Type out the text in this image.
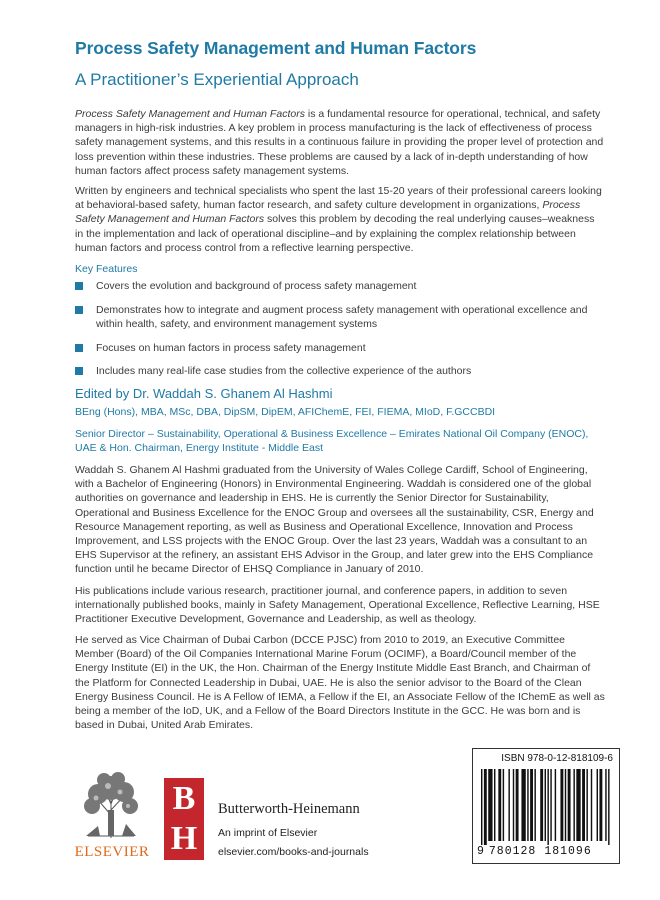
Process Safety Management and Human Factors
A Practitioner’s Experiential Approach

Process Safety Management and Human Factors is a fundamental resource for operational, technical, and safety managers in high-risk industries. A key problem in process manufacturing is the lack of effectiveness of process safety management systems, and this results in a continuous failure in providing the proper level of protection and loss prevention within these industries. These problems are caused by a lack of in-depth understanding of how human factors affect process safety management systems.

Written by engineers and technical specialists who spent the last 15-20 years of their professional careers looking at behavioral-based safety, human factor research, and safety culture development in organizations, Process Safety Management and Human Factors solves this problem by decoding the real underlying causes–weakness in the implementation and lack of operational discipline–and by explaining the complex relationship between human factors and process control from a reflective learning perspective.

Key Features
Covers the evolution and background of process safety management
Demonstrates how to integrate and augment process safety management with operational excellence and within health, safety, and environment management systems
Focuses on human factors in process safety management
Includes many real-life case studies from the collective experience of the authors
Edited by Dr. Waddah S. Ghanem Al Hashmi
BEng (Hons), MBA, MSc, DBA, DipSM, DipEM, AFIChemE, FEI, FIEMA, MIoD, F.GCCBDI

Senior Director – Sustainability, Operational & Business Excellence – Emirates National Oil Company (ENOC), UAE & Hon. Chairman, Energy Institute - Middle East

Waddah S. Ghanem Al Hashmi graduated from the University of Wales College Cardiff, School of Engineering, with a Bachelor of Engineering (Honors) in Environmental Engineering. Waddah is considered one of the global authorities on governance and leadership in EHS. He is currently the Senior Director for Sustainability, Operational and Business Excellence for the ENOC Group and oversees all the sustainability, CSR, Energy and Resource Management reporting, as well as Business and Operational Excellence, Innovation and Process Improvement, and LSS projects with the ENOC Group. Over the last 23 years, Waddah was a consultant to an EHS Supervisor at the refinery, an assistant EHS Advisor in the Group, and later grew into the EHS Compliance function until he became Director of EHSQ Compliance in January of 2010.

His publications include various research, practitioner journal, and conference papers, in addition to seven internationally published books, mainly in Safety Management, Operational Excellence, Reflective Learning, HSE Practitioner Executive Development, Governance and Leadership, as well as theology.

He served as Vice Chairman of Dubai Carbon (DCCE PJSC) from 2010 to 2019, an Executive Committee Member (Board) of the Oil Companies International Marine Forum (OCIMF), a Board/Council member of the Energy Institute (EI) in the UK, the Hon. Chairman of the Energy Institute Middle East Branch, and Chairman of the Platform for Connected Leadership in Dubai, UAE. He is also the senior advisor to the Board of the Clean Energy Business Council. He is A Fellow of IEMA, a Fellow if the EI, an Associate Fellow of the IChemE as well as being a member of the IoD, UK, and a Fellow of the Board Directors Institute in the GCC. He was born and is based in Dubai, United Arab Emirates.

ELSEVIER
B
H
Butterworth-Heinemann
An imprint of Elsevier
elsevier.com/books-and-journals
ISBN 978-0-12-818109-6
9 780128 181096
